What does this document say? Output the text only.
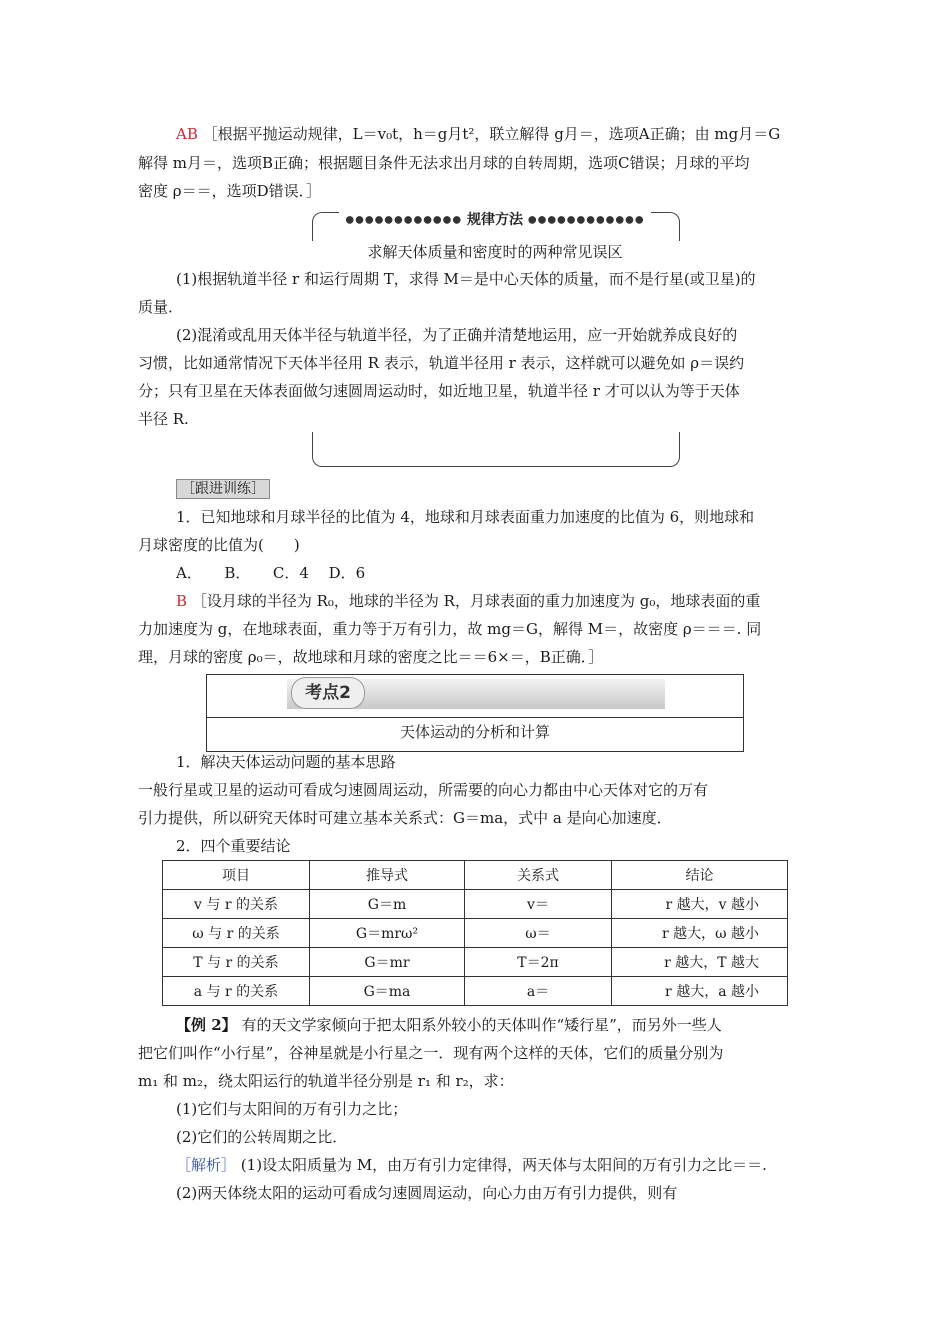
AB ［根据平抛运动规律，L＝v₀t，h＝g月t²，联立解得 g月＝，选项A正确；由 mg月＝G
解得 m月＝，选项B正确；根据题目条件无法求出月球的自转周期，选项C错误；月球的平均
密度 ρ＝＝，选项D错误．］
●●●●●●●●●●●● 规律方法 ●●●●●●●●●●●●
求解天体质量和密度时的两种常见误区
(1)根据轨道半径 r 和运行周期 T，求得 M＝是中心天体的质量，而不是行星(或卫星)的
质量．
(2)混淆或乱用天体半径与轨道半径，为了正确并清楚地运用，应一开始就养成良好的
习惯，比如通常情况下天体半径用 R 表示，轨道半径用 r 表示，这样就可以避免如 ρ＝误约
分；只有卫星在天体表面做匀速圆周运动时，如近地卫星，轨道半径 r 才可以认为等于天体
半径 R.
［跟进训练］
1．已知地球和月球半径的比值为 4，地球和月球表面重力加速度的比值为 6，则地球和
月球密度的比值为(　　)
A．　　B．　　C．4　 D．6
B ［设月球的半径为 R₀，地球的半径为 R，月球表面的重力加速度为 g₀，地球表面的重
力加速度为 g，在地球表面，重力等于万有引力，故 mg＝G，解得 M＝，故密度 ρ＝＝＝. 同
理，月球的密度 ρ₀＝，故地球和月球的密度之比＝＝6×＝，B正确．］
考点2
天体运动的分析和计算
1．解决天体运动问题的基本思路
一般行星或卫星的运动可看成匀速圆周运动，所需要的向心力都由中心天体对它的万有
引力提供，所以研究天体时可建立基本关系式：G＝ma，式中 a 是向心加速度．
2．四个重要结论
项目	推导式	关系式	结论
v 与 r 的关系	G＝m	v＝	r 越大，v 越小
ω 与 r 的关系	G＝mrω²	ω＝	r 越大，ω 越小
T 与 r 的关系	G＝mr	T＝2π	r 越大，T 越大
a 与 r 的关系	G＝ma	a＝	r 越大，a 越小
【例 2】 有的天文学家倾向于把太阳系外较小的天体叫作“矮行星”，而另外一些人
把它们叫作“小行星”，谷神星就是小行星之一．现有两个这样的天体，它们的质量分别为
m₁ 和 m₂，绕太阳运行的轨道半径分别是 r₁ 和 r₂，求：
(1)它们与太阳间的万有引力之比；
(2)它们的公转周期之比．
［解析］ (1)设太阳质量为 M，由万有引力定律得，两天体与太阳间的万有引力之比＝＝.
(2)两天体绕太阳的运动可看成匀速圆周运动，向心力由万有引力提供，则有
